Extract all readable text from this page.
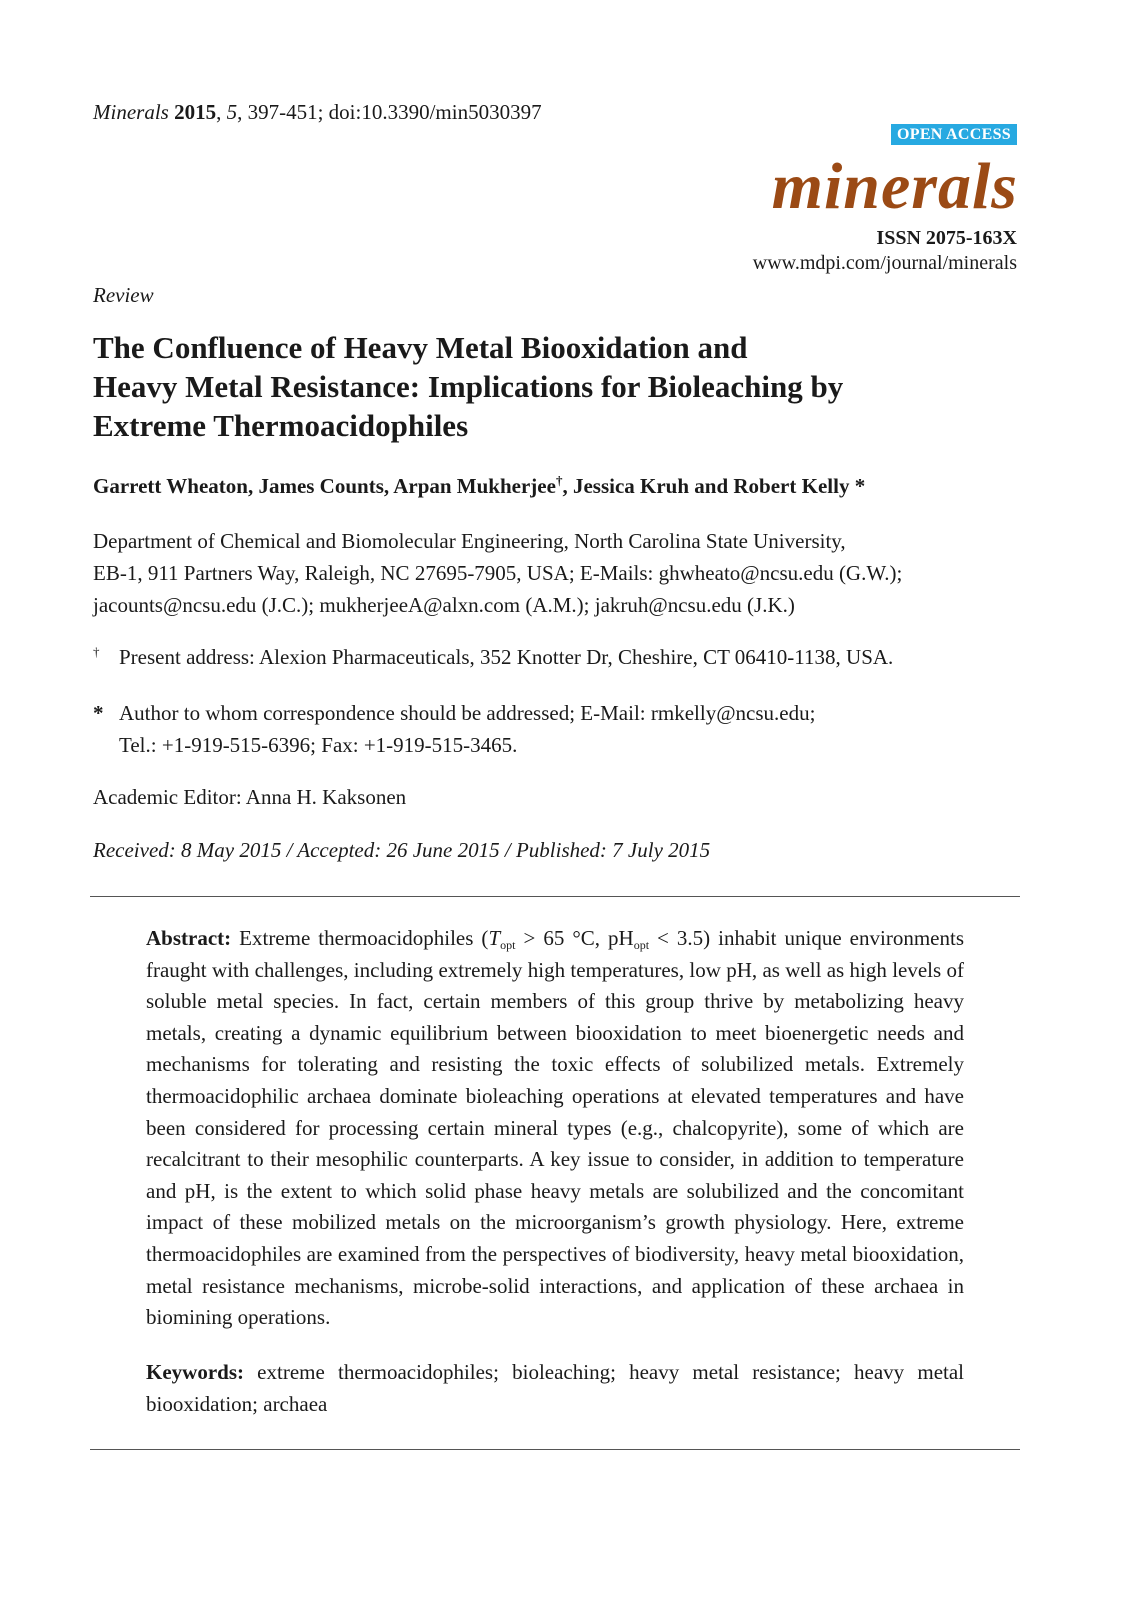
Minerals 2015, 5, 397-451; doi:10.3390/min5030397
OPEN ACCESS
minerals
ISSN 2075-163X
www.mdpi.com/journal/minerals
Review
The Confluence of Heavy Metal Biooxidation and
Heavy Metal Resistance: Implications for Bioleaching by
Extreme Thermoacidophiles
Garrett Wheaton, James Counts, Arpan Mukherjee†, Jessica Kruh and Robert Kelly *
Department of Chemical and Biomolecular Engineering, North Carolina State University,
EB-1, 911 Partners Way, Raleigh, NC 27695-7905, USA; E-Mails: ghwheato@ncsu.edu (G.W.);
jacounts@ncsu.edu (J.C.); mukherjeeA@alxn.com (A.M.); jakruh@ncsu.edu (J.K.)
† Present address: Alexion Pharmaceuticals, 352 Knotter Dr, Cheshire, CT 06410-1138, USA.
* Author to whom correspondence should be addressed; E-Mail: rmkelly@ncsu.edu;
Tel.: +1-919-515-6396; Fax: +1-919-515-3465.
Academic Editor: Anna H. Kaksonen
Received: 8 May 2015 / Accepted: 26 June 2015 / Published: 7 July 2015
Abstract: Extreme thermoacidophiles ($T_{opt} > 65$ °C, $pH_{opt} < 3.5$) inhabit unique environments fraught with challenges, including extremely high temperatures, low pH, as well as high levels of soluble metal species. In fact, certain members of this group thrive by metabolizing heavy metals, creating a dynamic equilibrium between biooxidation to meet bioenergetic needs and mechanisms for tolerating and resisting the toxic effects of solubilized metals. Extremely thermoacidophilic archaea dominate bioleaching operations at elevated temperatures and have been considered for processing certain mineral types (e.g., chalcopyrite), some of which are recalcitrant to their mesophilic counterparts. A key issue to consider, in addition to temperature and pH, is the extent to which solid phase heavy metals are solubilized and the concomitant impact of these mobilized metals on the microorganism’s growth physiology. Here, extreme thermoacidophiles are examined from the perspectives of biodiversity, heavy metal biooxidation, metal resistance mechanisms, microbe-solid interactions, and application of these archaea in biomining operations.
Keywords: extreme thermoacidophiles; bioleaching; heavy metal resistance; heavy metal biooxidation; archaea
